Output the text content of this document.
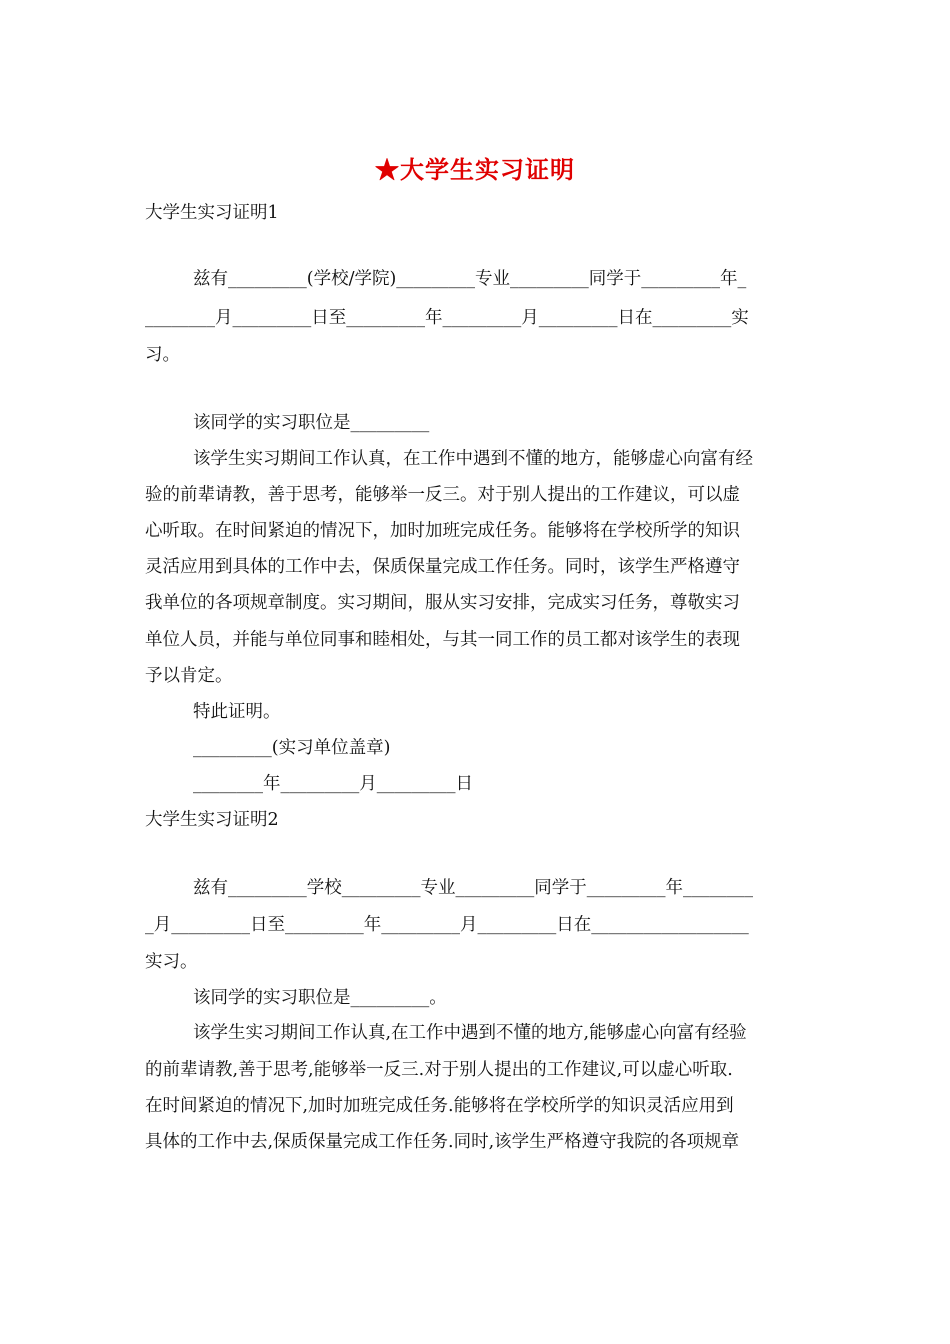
★大学生实习证明
大学生实习证明1
兹有_________(学校/学院)_________专业_________同学于_________年_
________月_________日至_________年_________月_________日在_________实
习。
该同学的实习职位是_________
该学生实习期间工作认真，在工作中遇到不懂的地方，能够虚心向富有经
验的前辈请教，善于思考，能够举一反三。对于别人提出的工作建议，可以虚
心听取。在时间紧迫的情况下，加时加班完成任务。能够将在学校所学的知识
灵活应用到具体的工作中去，保质保量完成工作任务。同时，该学生严格遵守
我单位的各项规章制度。实习期间，服从实习安排，完成实习任务，尊敬实习
单位人员，并能与单位同事和睦相处，与其一同工作的员工都对该学生的表现
予以肯定。
特此证明。
_________(实习单位盖章)
________年_________月_________日
大学生实习证明2
兹有_________学校_________专业_________同学于_________年________
_月_________日至_________年_________月_________日在__________________
实习。
该同学的实习职位是_________。
该学生实习期间工作认真,在工作中遇到不懂的地方,能够虚心向富有经验
的前辈请教,善于思考,能够举一反三.对于别人提出的工作建议,可以虚心听取.
在时间紧迫的情况下,加时加班完成任务.能够将在学校所学的知识灵活应用到
具体的工作中去,保质保量完成工作任务.同时,该学生严格遵守我院的各项规章
